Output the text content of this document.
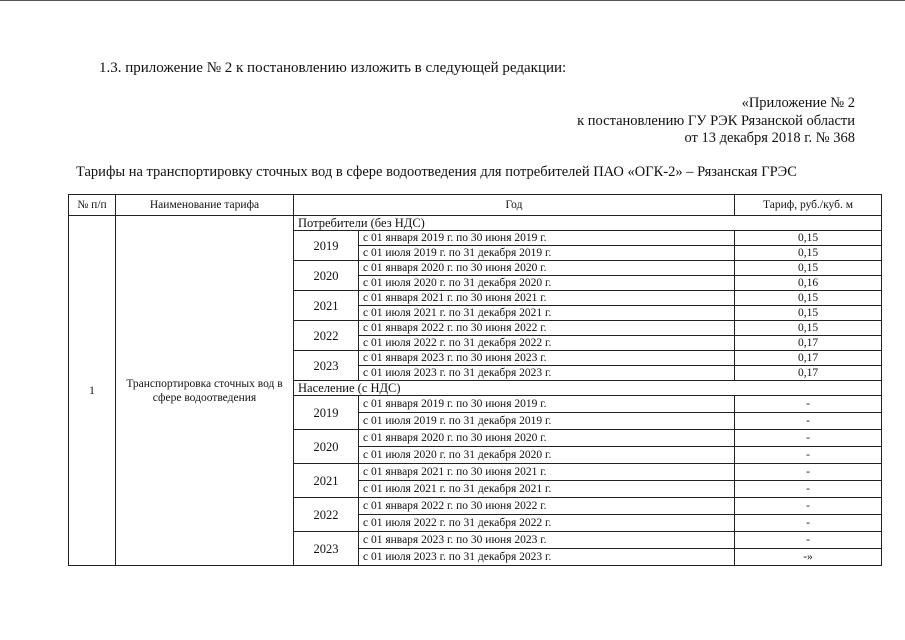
1.3. приложение № 2 к постановлению изложить в следующей редакции:
«Приложение № 2
к постановлению ГУ РЭК Рязанской области
от 13 декабря 2018 г. № 368
Тарифы на транспортировку сточных вод в сфере водоотведения для потребителей ПАО «ОГК-2» – Рязанская ГРЭС
№ п/п	Наименование тарифа	Год		Тариф, руб./куб. м
1	Транспортировка сточных вод в сфере водоотведения	Потребители (без НДС)		
		2019	с 01 января 2019 г. по 30 июня 2019 г.	0,15
			с 01 июля 2019 г. по 31 декабря 2019 г.	0,15
		2020	с 01 января 2020 г. по 30 июня 2020 г.	0,15
			с 01 июля 2020 г. по 31 декабря 2020 г.	0,16
		2021	с 01 января 2021 г. по 30 июня 2021 г.	0,15
			с 01 июля 2021 г. по 31 декабря 2021 г.	0,15
		2022	с 01 января 2022 г. по 30 июня 2022 г.	0,15
			с 01 июля 2022 г. по 31 декабря 2022 г.	0,17
		2023	с 01 января 2023 г. по 30 июня 2023 г.	0,17
			с 01 июля 2023 г. по 31 декабря 2023 г.	0,17
		Население (с НДС)		
		2019	с 01 января 2019 г. по 30 июня 2019 г.	-
			с 01 июля 2019 г. по 31 декабря 2019 г.	-
		2020	с 01 января 2020 г. по 30 июня 2020 г.	-
			с 01 июля 2020 г. по 31 декабря 2020 г.	-
		2021	с 01 января 2021 г. по 30 июня 2021 г.	-
			с 01 июля 2021 г. по 31 декабря 2021 г.	-
		2022	с 01 января 2022 г. по 30 июня 2022 г.	-
			с 01 июля 2022 г. по 31 декабря 2022 г.	-
		2023	с 01 января 2023 г. по 30 июня 2023 г.	-
			с 01 июля 2023 г. по 31 декабря 2023 г.	-»
